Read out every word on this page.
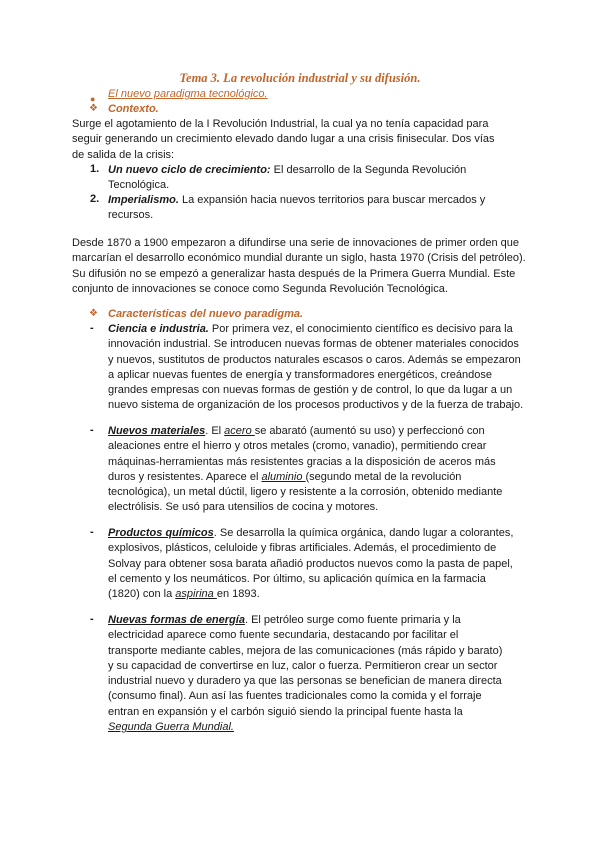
Tema 3. La revolución industrial y su difusión.

●	El nuevo paradigma tecnológico.

❖ Contexto.

Surge el agotamiento de la I Revolución Industrial, la cual ya no tenía capacidad para seguir generando un crecimiento elevado dando lugar a una crisis finisecular. Dos vías de salida de la crisis:

1. Un nuevo ciclo de crecimiento: El desarrollo de la Segunda Revolución Tecnológica.

2. Imperialismo. La expansión hacia nuevos territorios para buscar mercados y recursos.

Desde 1870 a 1900 empezaron a difundirse una serie de innovaciones de primer orden que marcarían el desarrollo económico mundial durante un siglo, hasta 1970 (Crisis del petróleo). Su difusión no se empezó a generalizar hasta después de la Primera Guerra Mundial. Este conjunto de innovaciones se conoce como Segunda Revolución Tecnológica.

❖ Características del nuevo paradigma.

- Ciencia e industria. Por primera vez, el conocimiento científico es decisivo para la innovación industrial. Se introducen nuevas formas de obtener materiales conocidos y nuevos, sustitutos de productos naturales escasos o caros. Además se empezaron a aplicar nuevas fuentes de energía y transformadores energéticos, creándose grandes empresas con nuevas formas de gestión y de control, lo que da lugar a un nuevo sistema de organización de los procesos productivos y de la fuerza de trabajo.

- Nuevos materiales. El acero se abarató (aumentó su uso) y perfeccionó con aleaciones entre el hierro y otros metales (cromo, vanadio), permitiendo crear máquinas-herramientas más resistentes gracias a la disposición de aceros más duros y resistentes. Aparece el aluminio (segundo metal de la revolución tecnológica), un metal dúctil, ligero y resistente a la corrosión, obtenido mediante electrólisis. Se usó para utensilios de cocina y motores.

- Productos químicos. Se desarrolla la química orgánica, dando lugar a colorantes, explosivos, plásticos, celuloide y fibras artificiales. Además, el procedimiento de Solvay para obtener sosa barata añadió productos nuevos como la pasta de papel, el cemento y los neumáticos. Por último, su aplicación química en la farmacia (1820) con la aspirina en 1893.

- Nuevas formas de energía. El petróleo surge como fuente primaria y la electricidad aparece como fuente secundaria, destacando por facilitar el transporte mediante cables, mejora de las comunicaciones (más rápido y barato) y su capacidad de convertirse en luz, calor o fuerza. Permitieron crear un sector industrial nuevo y duradero ya que las personas se benefician de manera directa (consumo final). Aun así las fuentes tradicionales como la comida y el forraje entran en expansión y el carbón siguió siendo la principal fuente hasta la Segunda Guerra Mundial.
